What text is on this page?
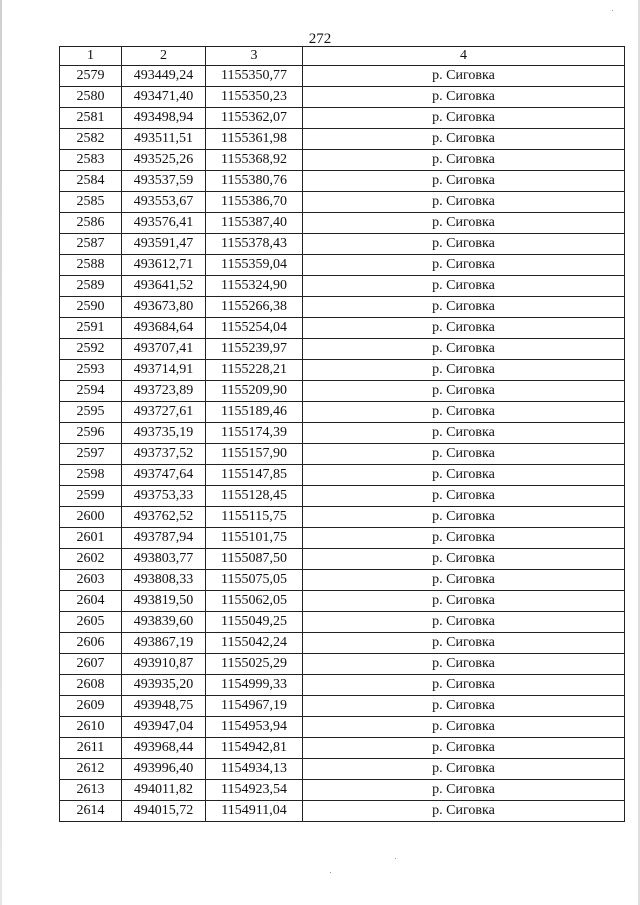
272
1	2	3	4
2579	493449,24	1155350,77	р. Сиговка
2580	493471,40	1155350,23	р. Сиговка
2581	493498,94	1155362,07	р. Сиговка
2582	493511,51	1155361,98	р. Сиговка
2583	493525,26	1155368,92	р. Сиговка
2584	493537,59	1155380,76	р. Сиговка
2585	493553,67	1155386,70	р. Сиговка
2586	493576,41	1155387,40	р. Сиговка
2587	493591,47	1155378,43	р. Сиговка
2588	493612,71	1155359,04	р. Сиговка
2589	493641,52	1155324,90	р. Сиговка
2590	493673,80	1155266,38	р. Сиговка
2591	493684,64	1155254,04	р. Сиговка
2592	493707,41	1155239,97	р. Сиговка
2593	493714,91	1155228,21	р. Сиговка
2594	493723,89	1155209,90	р. Сиговка
2595	493727,61	1155189,46	р. Сиговка
2596	493735,19	1155174,39	р. Сиговка
2597	493737,52	1155157,90	р. Сиговка
2598	493747,64	1155147,85	р. Сиговка
2599	493753,33	1155128,45	р. Сиговка
2600	493762,52	1155115,75	р. Сиговка
2601	493787,94	1155101,75	р. Сиговка
2602	493803,77	1155087,50	р. Сиговка
2603	493808,33	1155075,05	р. Сиговка
2604	493819,50	1155062,05	р. Сиговка
2605	493839,60	1155049,25	р. Сиговка
2606	493867,19	1155042,24	р. Сиговка
2607	493910,87	1155025,29	р. Сиговка
2608	493935,20	1154999,33	р. Сиговка
2609	493948,75	1154967,19	р. Сиговка
2610	493947,04	1154953,94	р. Сиговка
2611	493968,44	1154942,81	р. Сиговка
2612	493996,40	1154934,13	р. Сиговка
2613	494011,82	1154923,54	р. Сиговка
2614	494015,72	1154911,04	р. Сиговка
